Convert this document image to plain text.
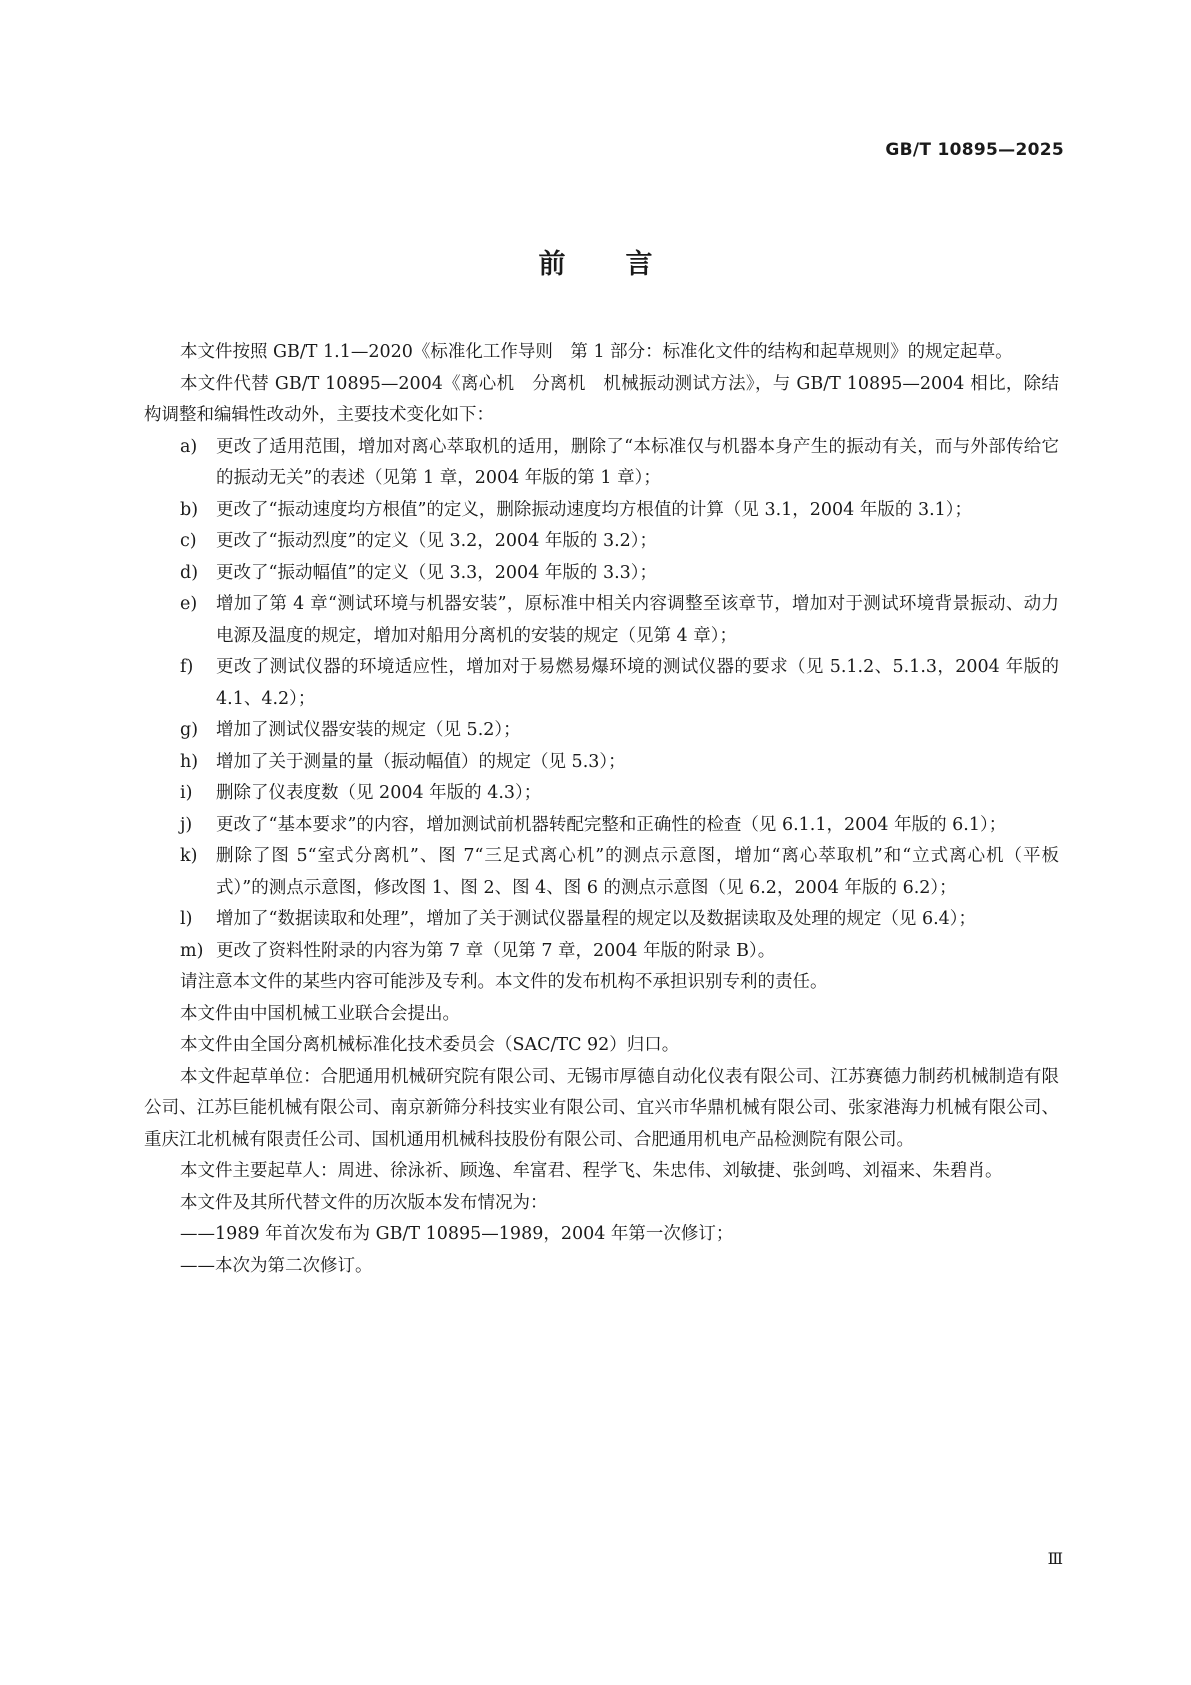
GB/T 10895—2025
前言

本文件按照 GB/T 1.1—2020《标准化工作导则　第 1 部分：标准化文件的结构和起草规则》的规定起草。

本文件代替 GB/T 10895—2004《离心机　分离机　机械振动测试方法》，与 GB/T 10895—2004 相比，除结构调整和编辑性改动外，主要技术变化如下：

a)	更改了适用范围，增加对离心萃取机的适用，删除了“本标准仅与机器本身产生的振动有关，而与外部传给它的振动无关”的表述（见第 1 章，2004 年版的第 1 章）；
b)	更改了“振动速度均方根值”的定义，删除振动速度均方根值的计算（见 3.1，2004 年版的 3.1）；
c)	更改了“振动烈度”的定义（见 3.2，2004 年版的 3.2）；
d)	更改了“振动幅值”的定义（见 3.3，2004 年版的 3.3）；
e)	增加了第 4 章“测试环境与机器安装”，原标准中相关内容调整至该章节，增加对于测试环境背景振动、动力电源及温度的规定，增加对船用分离机的安装的规定（见第 4 章）；
f)	更改了测试仪器的环境适应性，增加对于易燃易爆环境的测试仪器的要求（见 5.1.2、5.1.3，2004 年版的 4.1、4.2）；
g)	增加了测试仪器安装的规定（见 5.2）；
h)	增加了关于测量的量（振动幅值）的规定（见 5.3）；
i)	删除了仪表度数（见 2004 年版的 4.3）；
j)	更改了“基本要求”的内容，增加测试前机器转配完整和正确性的检查（见 6.1.1，2004 年版的 6.1）；
k)	删除了图 5“室式分离机”、图 7“三足式离心机”的测点示意图，增加“离心萃取机”和“立式离心机（平板式）”的测点示意图，修改图 1、图 2、图 4、图 6 的测点示意图（见 6.2，2004 年版的 6.2）；
l)	增加了“数据读取和处理”，增加了关于测试仪器量程的规定以及数据读取及处理的规定（见 6.4）；
m) 更改了资料性附录的内容为第 7 章（见第 7 章，2004 年版的附录 B）。

请注意本文件的某些内容可能涉及专利。本文件的发布机构不承担识别专利的责任。

本文件由中国机械工业联合会提出。

本文件由全国分离机械标准化技术委员会（SAC/TC 92）归口。

本文件起草单位：合肥通用机械研究院有限公司、无锡市厚德自动化仪表有限公司、江苏赛德力制药机械制造有限公司、江苏巨能机械有限公司、南京新筛分科技实业有限公司、宜兴市华鼎机械有限公司、张家港海力机械有限公司、重庆江北机械有限责任公司、国机通用机械科技股份有限公司、合肥通用机电产品检测院有限公司。

本文件主要起草人：周进、徐泳祈、顾逸、牟富君、程学飞、朱忠伟、刘敏捷、张剑鸣、刘福来、朱碧肖。

本文件及其所代替文件的历次版本发布情况为：

——1989 年首次发布为 GB/T 10895—1989，2004 年第一次修订；

——本次为第二次修订。

Ⅲ
